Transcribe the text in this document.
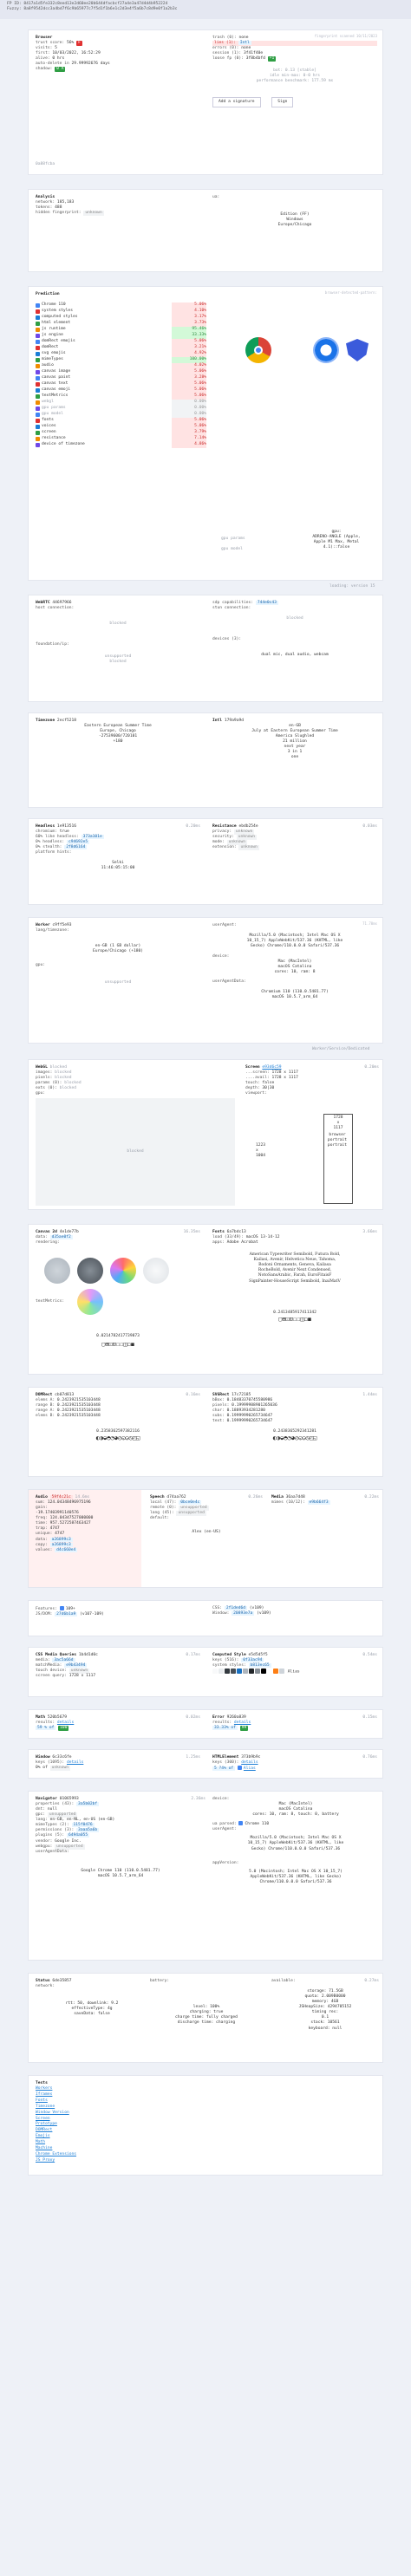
FP ID: 8417a1d5fe332c8eed13e2d60ee20b644dfacbcf27a4e3a47d4d4b952224
Fuzzy: 8a8f9542dcc3a4bd7f6c9b65977c7f5d1f1b6e1c2d3e4f5a6b7c8d9e0f1a2b3c
fingerprint scanned 10/11/2023
Browser
trust score: 56% F
visits: 5
first: 10/03/2022, 16:52:29
alive: 0 hrs
auto-delete in 29.99992676 days
shadow: 0 A
trash (0): none
lies (1): Intl
errors (0): none
session (1): 3f41f40e
loose fp (0): 3f8b4bfd +1
bot: 0.13 [stable]
idle min-max: 0-0 hrs
performance benchmark: 177.59 ms
Add a signature	Sign
0a88fcba
Analysis
network: 185,183
tokens: 488
hidden fingerprint: unknown
ua:
Edition (FF)
Windows
Europe/Chicago
browser-detected-pattern:
Prediction
Chrome 110	5.06%
system styles	4.10%
computed styles	3.17%
html element	3.73%
js runtime	95.46%
js engine	33.33%
domRect emojis	5.06%
domRect	3.21%
svg emojis	4.92%
mimeTypes	100.00%
audio	4.02%
canvas image	5.06%
canvas paint	3.28%
canvas text	5.06%
canvas emoji	5.06%
textMetrics	5.06%
webgl	0.00%
gpu params	0.00%
gpu model	0.00%
fonts	5.06%
voices	5.06%
screen	3.79%
resistance	7.14%
device of timezone	4.86%
gpu params
gpu model
gpu:
ADRENO-ANGLE (Apple,
Apple M1 Max, Metal
4.1)::false
loading: version 15
WebRTC 44697966
host connection:
blocked
foundation/ip:
unsupported
blocked
sdp capabilities: 744e0c43
stun connection:
blocked
devices (3):
dual mic, dual audio, webcam
Timezone 2ecf5218
Eastern European Summer Time
Europe, Chicago
-27539600/720101
+180
Intl 179a9a9d
en-GB
July at Eastern European Summer Time
America Slughled
21 million
next year
3 in 1
one
Headless 1e913516	0.20ms
chromium: true
60% like headless: 373a101e
0% headless: c94692e5
0% stealth: 2f8d6164
platform hints:
Selki
11:46:05:15:00
Resistance ebdb254e	0.03ms
privacy: unknown
security: unknown
mode: unknown
extension: unknown
71.70ms
Worker c9ff5e93
lang/timezone:
en-GB (1 GB dollar)
Europe/Chicago (+180)
gpu:
unsupported
userAgent:
Mozilla/5.0 (Macintosh; Intel Mac OS X
10_15_7) AppleWebKit/537.36 (KHTML, like
Gecko) Chrome/110.0.0.0 Safari/537.36
device:
Mac (MacIntel)
macOS Catalina
cores: 10, ram: 8
userAgentData:
Chromium 110 (110.0.5481.77)
macOS 10.5.7_arm_64
Worker/Service/Dedicated
WebGL blocked
images: blocked
pixels: blocked
params (0): blocked
exts (0): blocked
gpu:
blocked
Screen e93d6c59	0.20ms
...screen: 1728 x 1117
....avail: 1728 x 1117
touch: false
depth: 30|30
viewport:
1728
x
1117
1223
x
1004
browser
portrait
portrait
Canvas 2d 4e1de77b	16.35ms
data: d35ae0f2
rendering:
textMetrics:
0.0214782417739873
▢⊞⚀⊡☐☐◫◻◼
Fonts 6a7bdc13	3.66ms
load (33/49): macOS 13-14-12
apps: Adobe Acrobat
American Typewriter Semibold, Futura Bold,
Kailasi, Avenir, Helvetica Neue, Tahoma,
Bodoni Ornaments, Geneva, Kailasa
RocheBold, Avenir Next Condensed,
NotoSansArabic, Farah, EuroFitaisF
SignPainter-HouseScript Semibold, InaiMatV
0.2413485917411342
▢⊞⚀⊡☐☐◫◻◼
DOMRect cb07d813	0.16ms
elems A: 0.2423921535103448
range B: 0.2423921535103448
range A: 0.2423921535103448
elems B: 0.2423921535103448
0.2358362597382116
◐◑◒◓◔◕◴◵◶◷◰◱
SVGRect 17c72185	1.44ms
bBox: 0.18483370745580986
pixels: 0.19999988901265036
char: 0.18893934281280
subs: 0.19999990265734647
text: 0.19999990265734647
0.2438365292341281
◐◑◒◓◔◕◴◵◶◷◰◱
Audio 59f4c21c 14.6ms
sum: 124.04348496975196
gain:
-19.17403991140576
freq: 124.04347527000000
time: 957.5272587463427
trap: 4747
unique: 4747
data: a26899c3
copy: a26899c3
values: d4c660e4
Speech d74aa762	0.26ms
local (47): 0bce0e4c
remote (0): unsupported
lang (45): unsupported
default:
Alex (en-US)
Media 36aa7d48	0.22ms
mimes (10/12): e9b664f3
Features: 109+
JS/DOM: 27d6b1a9 (v107-109)
CSS: 2f1ded6d (v109)
Window: 20893e7a (v109)
CSS Media Queries 1b4d1d0c	0.17ms
media: 3ac5a66d
matchMedia: e9b43494
touch device: unknown
screen query: 1728 x 1117
Computed Style e5d5d5f5	0.54ms
keys (516): 0f33ac94
system styles: b813ec65
Alias
Math 520b5679	0.02ms
results: details
59 % of 100
Error 9260a839	0.15ms
results: details
33.33% of 99
Window 6c33c6fe	1.25ms
keys (1095): details
0% of unknown
HTMLElement 373b9b9c	0.76ms
keys (300): details
5 ?4% of	Alias
Navigator 01065993	2.36ms
properties (43): 3a5b02bf
dnt: null
gpc: unsupported
lang: en-GB, en-NL, en-US (en-GB)
mimeTypes (2): 115f0476
permissions (3): 3aaa5a6b
plugins (5): 6494a055
vendor: Google Inc.
webgpu: unsupported
userAgentData:
Google Chrome 110 (110.0.5481.77)
macOS 10.5.7_arm_64
device:
Mac (MacIntel)
macOS Catalina
cores: 10, ram: 8, touch: 0, battery
ua parsed: Chrome 110
userAgent:
Mozilla/5.0 (Macintosh; Intel Mac OS X
10_15_7) AppleWebKit/537.36 (KHTML, like
Gecko) Chrome/110.0.0.0 Safari/537.36
appVersion:
5.0 (Macintosh; Intel Mac OS X 10_15_7)
AppleWebKit/537.36 (KHTML, like Gecko)
Chrome/110.0.0.0 Safari/537.36
Status 6de35857
network:
rtt: 50, downlink: 9.2
effectiveType: 4g
saveData: false
battery:
level: 100%
charging: true
charge time: fully charged
discharge time: charging
available:	0.27ms
storage: 71.5GB
quota: 2.009B0000
memory: 4GB
JSHeapSize: 4294705152
timing res:
0.1
stack: 10561
keyboard: null
Tests
Workers
Iframes
Fonts
Timezone
Window Version
Screen
Prototype
DOMRect
Emojis
Math
Machine
Chrome Extensions
JS Proxy
